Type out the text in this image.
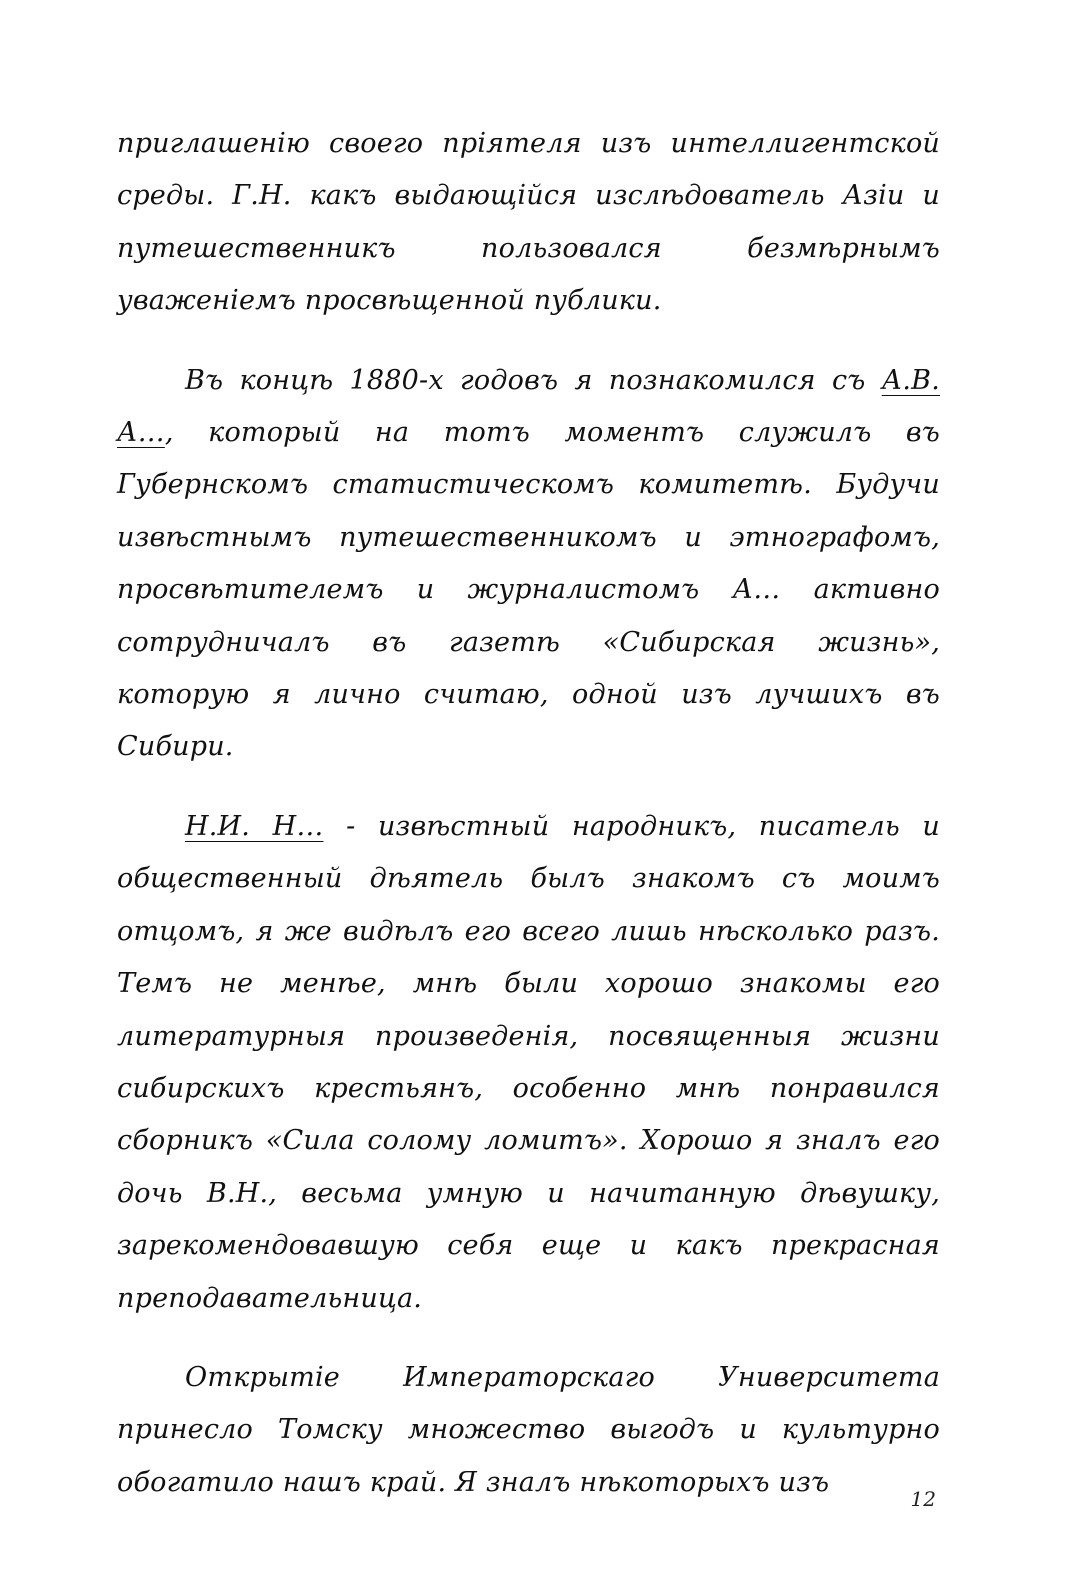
приглашенію своего пріятеля изъ интеллигентской среды. Г.Н. какъ выдающійся изслѣдователь Азіи и путешественникъ пользовался безмѣрнымъ уваженіемъ просвѣщенной публики.

Въ концѣ 1880-х годовъ я познакомился съ А.В. А…, который на тотъ моментъ служилъ въ Губернскомъ статистическомъ комитетѣ. Будучи извѣстнымъ путешественникомъ и этнографомъ, просвѣтителемъ и журналистомъ А… активно сотрудничалъ въ газетѣ «Сибирская жизнь», которую я лично считаю, одной изъ лучшихъ въ Сибири.

Н.И. Н… - извѣстный народникъ, писатель и общественный дѣятель былъ знакомъ съ моимъ отцомъ, я же видѣлъ его всего лишь нѣсколько разъ. Темъ не менѣе, мнѣ были хорошо знакомы его литературныя произведенія, посвященныя жизни сибирскихъ крестьянъ, особенно мнѣ понравился сборникъ «Сила солому ломитъ». Хорошо я зналъ его дочь В.Н., весьма умную и начитанную дѣвушку, зарекомендовавшую себя еще и какъ прекрасная преподавательница.

Открытіе Императорскаго Университета принесло Томску множество выгодъ и культурно обогатило нашъ край. Я зналъ нѣкоторыхъ изъ

12
